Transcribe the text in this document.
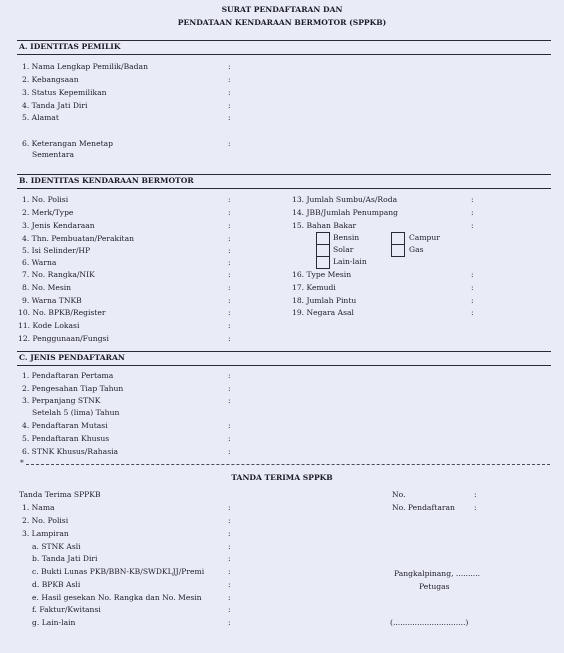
SURAT PENDAFTARAN DAN
PENDATAAN KENDARAAN BERMOTOR (SPPKB)
A. IDENTITAS PEMILIK
1. Nama Lengkap Pemilik/Badan
2. Kebangsaan
3. Status Kepemilikan
4. Tanda Jati Diri
5. Alamat
6. Keterangan Menetap
Sementara
:
:
:
:
:
:
B. IDENTITAS KENDARAAN BERMOTOR
1. No. Polisi
2. Merk/Type
3. Jenis Kendaraan
4. Thn. Pembuatan/Perakitan
5. Isi Selinder/HP
6. Warna
7. No. Rangka/NIK
8. No. Mesin
9. Warna TNKB
10. No. BPKB/Register
11. Kode Lokasi
12. Penggunaan/Fungsi
:
:
:
:
:
:
:
:
:
:
:
:
13. Jumlah Sumbu/As/Roda
14. JBB/Jumlah Penumpang
15. Bahan Bakar
16. Type Mesin
17. Kemudi
18. Jumlah Pintu
19. Negara Asal
:
:
:
:
:
:
:
Bensin
Solar
Lain-lain
Campur
Gas
C. JENIS PENDAFTARAN
1. Pendaftaran Pertama
2. Pengesahan Tiap Tahun
3. Perpanjang STNK
Setelah 5 (lima) Tahun
4. Pendaftaran Mutasi
5. Pendaftaran Khusus
6. STNK Khusus/Rahasia
:
:
:
:
:
:
*
TANDA TERIMA SPPKB
Tanda Terima SPPKB
1. Nama
2. No. Polisi
3. Lampiran
a. STNK Asli
b. Tanda Jati Diri
c. Bukti Lunas PKB/BBN-KB/SWDKLJJ/Premi
d. BPKB Asli
e. Hasil gesekan No. Rangka dan No. Mesin
f. Faktur/Kwitansi
g. Lain-lain
:
:
:
:
:
:
:
:
:
:
No.	:
No. Pendaftaran	:
Pangkalpinang, ..........
Petugas
(..............................)
